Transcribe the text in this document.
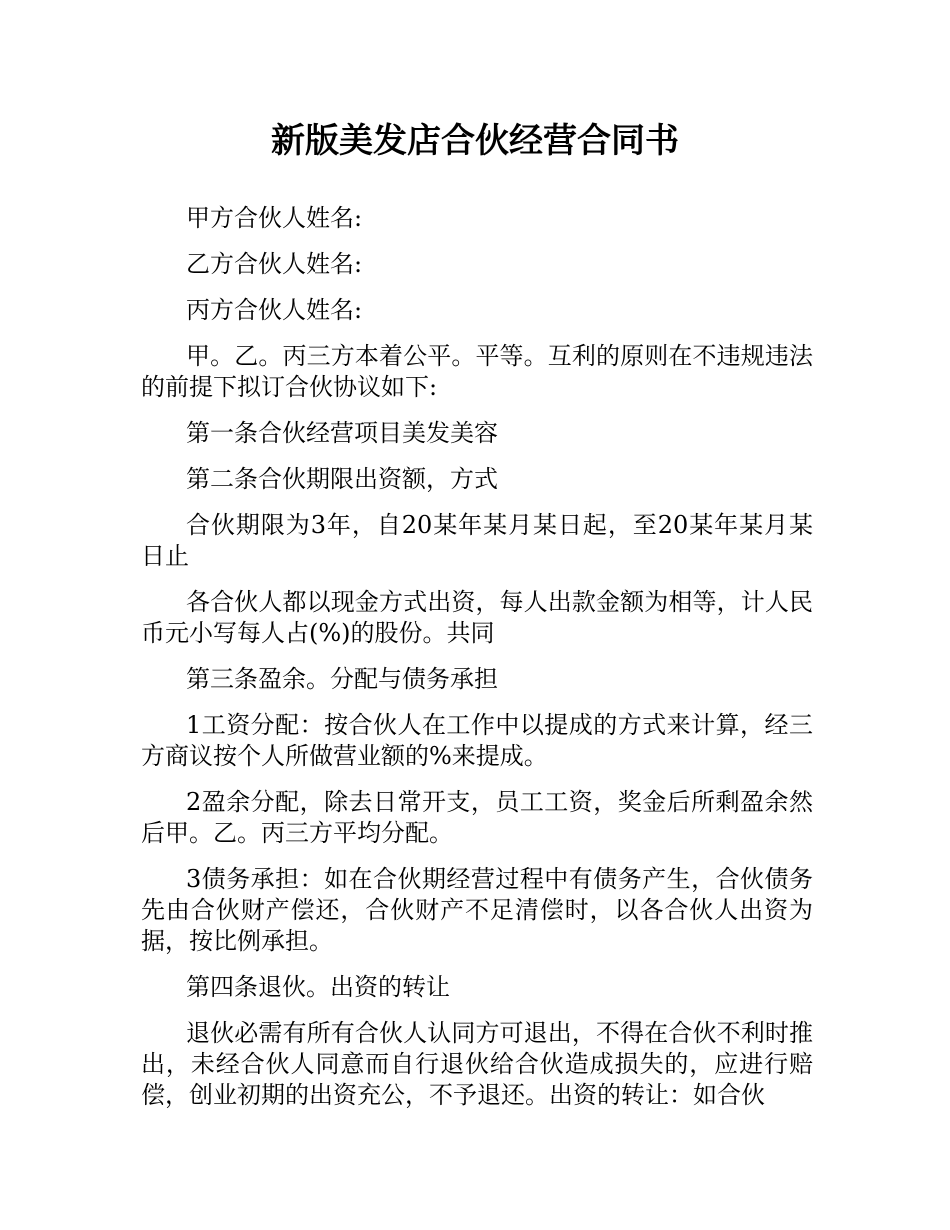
新版美发店合伙经营合同书

甲方合伙人姓名:

乙方合伙人姓名:

丙方合伙人姓名:

甲。乙。丙三方本着公平。平等。互利的原则在不违规违法的前提下拟订合伙协议如下:

第一条合伙经营项目美发美容

第二条合伙期限出资额，方式

合伙期限为3年，自20某年某月某日起，至20某年某月某日止

各合伙人都以现金方式出资，每人出款金额为相等，计人民币元小写每人占(%)的股份。共同

第三条盈余。分配与债务承担

1工资分配：按合伙人在工作中以提成的方式来计算，经三方商议按个人所做营业额的%来提成。

2盈余分配，除去日常开支，员工工资，奖金后所剩盈余然后甲。乙。丙三方平均分配。

3债务承担：如在合伙期经营过程中有债务产生，合伙债务先由合伙财产偿还，合伙财产不足清偿时，以各合伙人出资为据，按比例承担。

第四条退伙。出资的转让

退伙必需有所有合伙人认同方可退出，不得在合伙不利时推出，未经合伙人同意而自行退伙给合伙造成损失的，应进行赔偿，创业初期的出资充公，不予退还。出资的转让：如合伙
